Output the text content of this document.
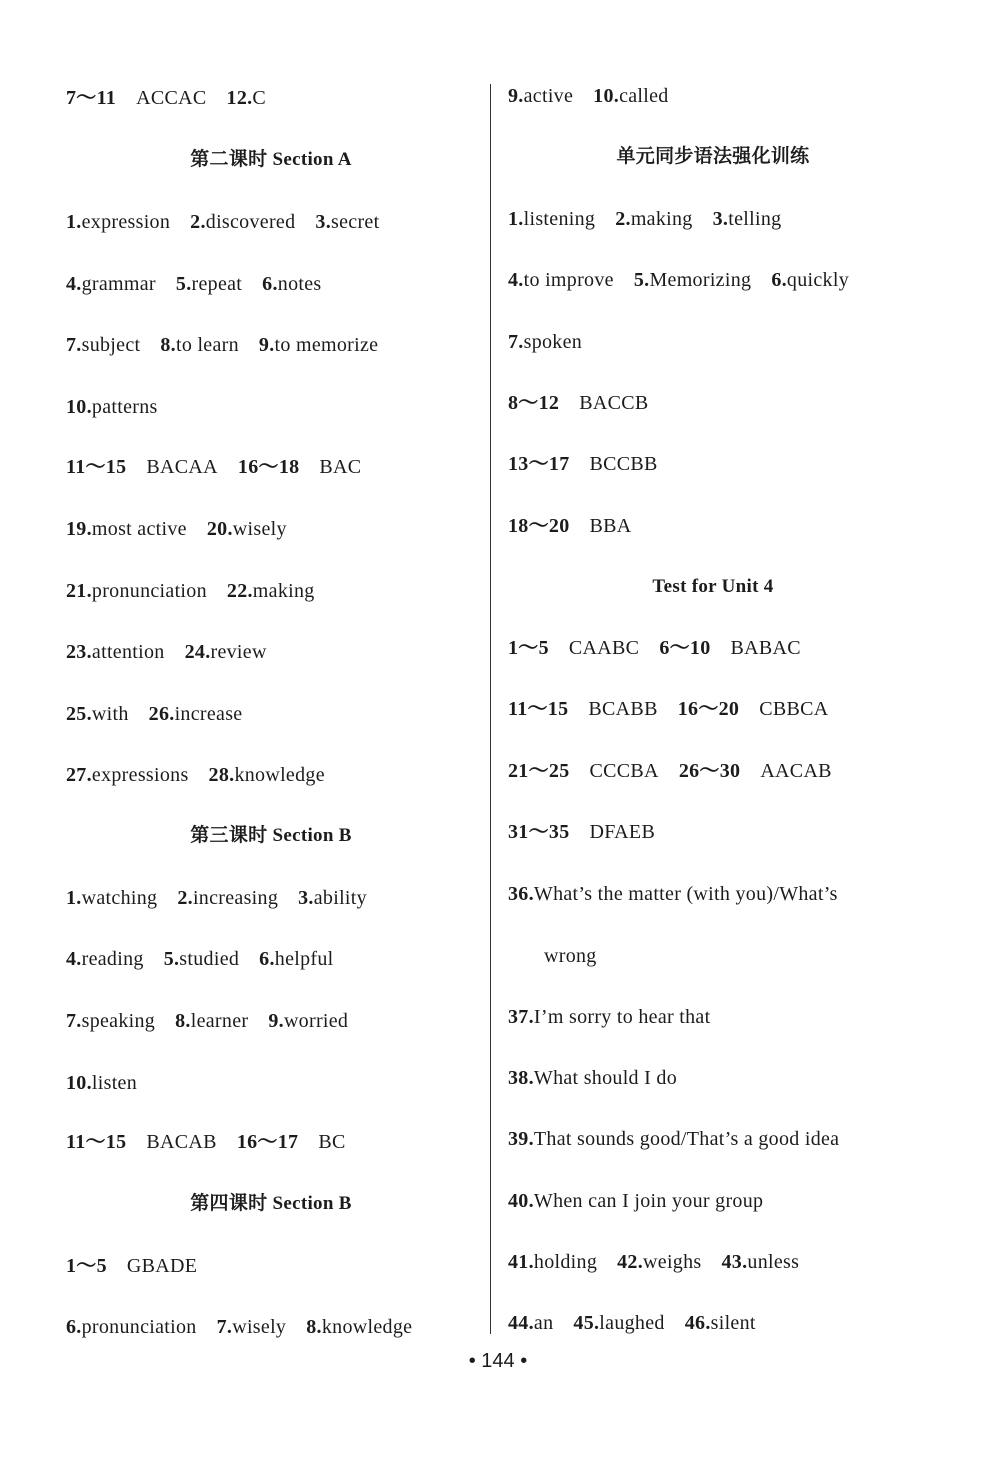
7～11 ACCAC 12.C
第二课时 Section A
1.expression 2.discovered 3.secret
4.grammar 5.repeat 6.notes
7.subject 8.to learn 9.to memorize
10.patterns
11～15 BACAA 16～18 BAC
19.most active 20.wisely
21.pronunciation 22.making
23.attention 24.review
25.with 26.increase
27.expressions 28.knowledge
第三课时 Section B
1.watching 2.increasing 3.ability
4.reading 5.studied 6.helpful
7.speaking 8.learner 9.worried
10.listen
11～15 BACAB 16～17 BC
第四课时 Section B
1～5 GBADE
6.pronunciation 7.wisely 8.knowledge
9.active 10.called
单元同步语法强化训练
1.listening 2.making 3.telling
4.to improve 5.Memorizing 6.quickly
7.spoken
8～12 BACCB
13～17 BCCBB
18～20 BBA
Test for Unit 4
1～5 CAABC 6～10 BABAC
11～15 BCABB 16～20 CBBCA
21～25 CCCBA 26～30 AACAB
31～35 DFAEB
36.What’s the matter (with you)/What’s
wrong
37.I’m sorry to hear that
38.What should I do
39.That sounds good/That’s a good idea
40.When can I join your group
41.holding 42.weighs 43.unless
44.an 45.laughed 46.silent
• 144 •
